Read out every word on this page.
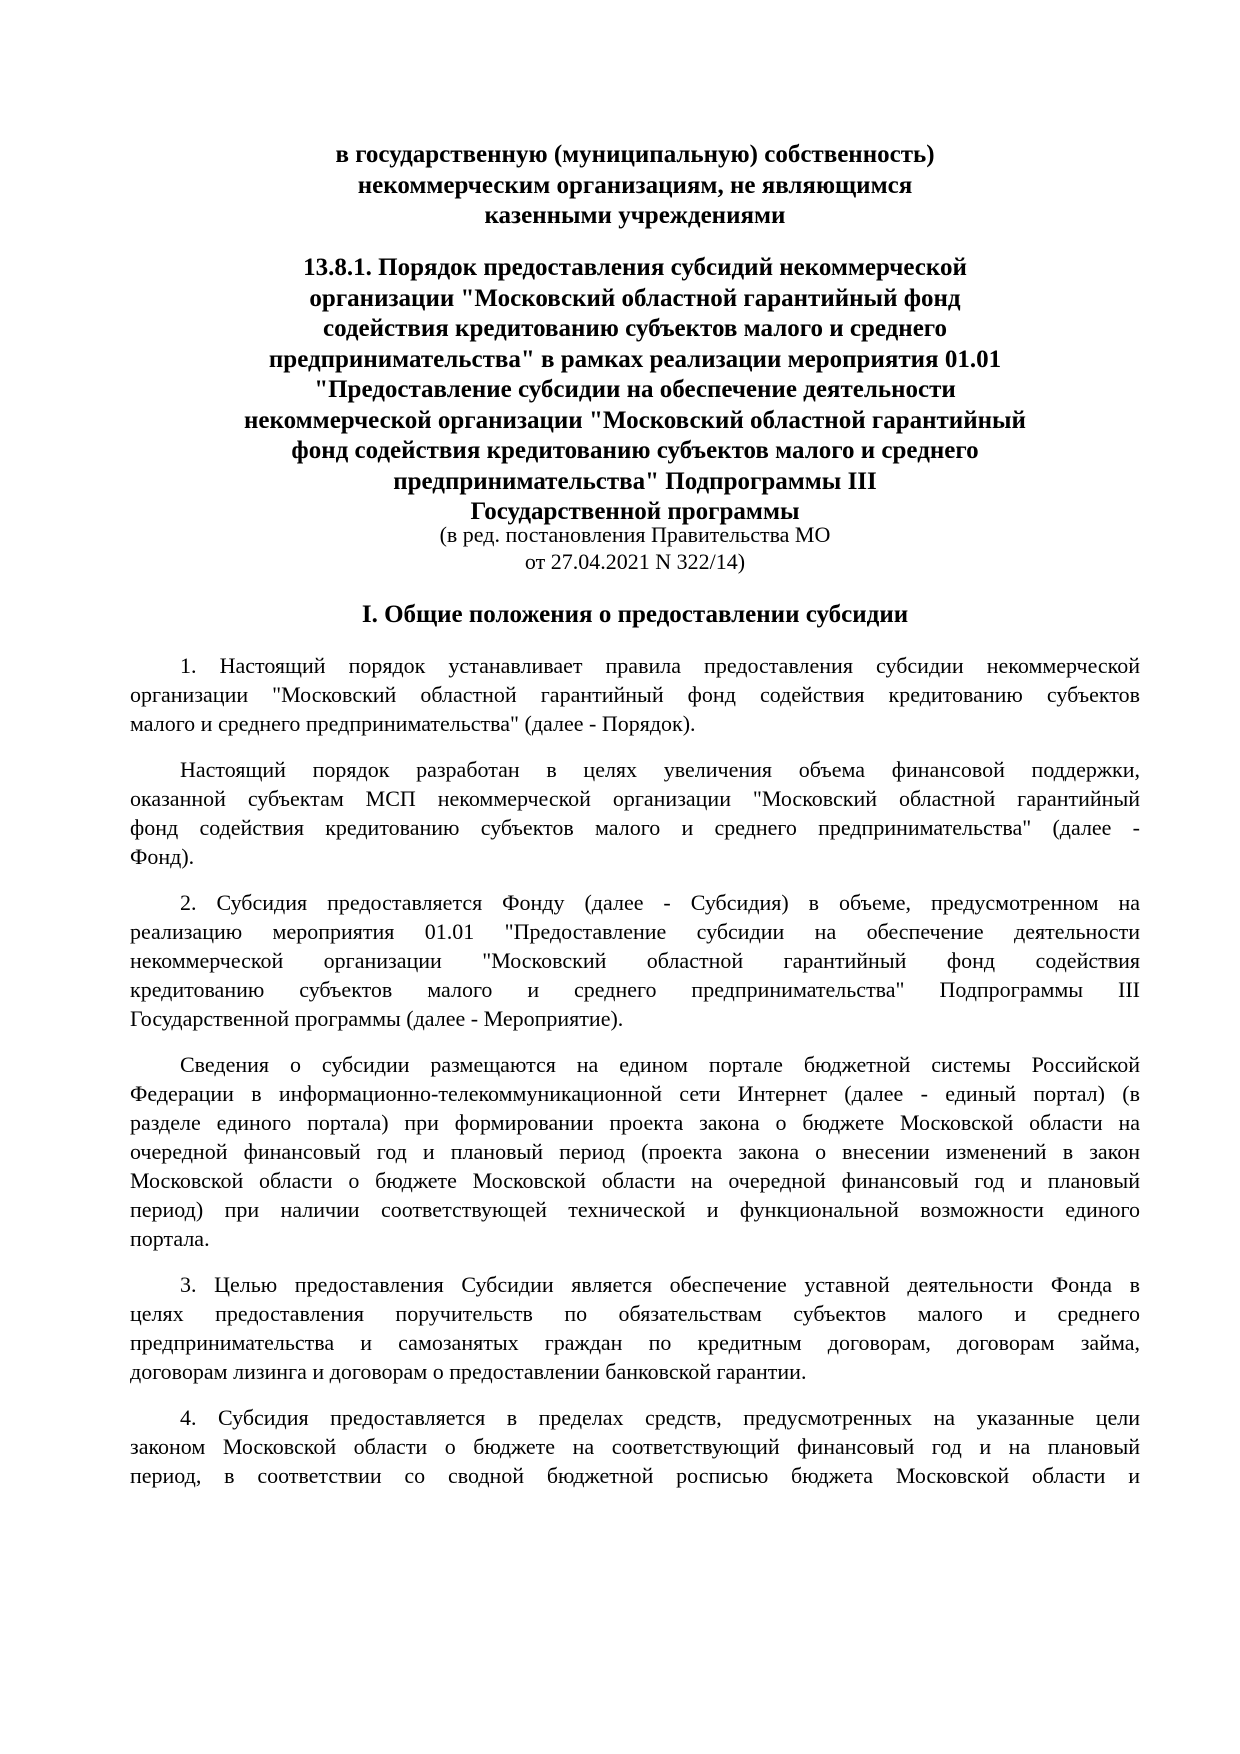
в государственную (муниципальную) собственность)
некоммерческим организациям, не являющимся
казенными учреждениями
13.8.1. Порядок предоставления субсидий некоммерческой
организации "Московский областной гарантийный фонд
содействия кредитованию субъектов малого и среднего
предпринимательства" в рамках реализации мероприятия 01.01
"Предоставление субсидии на обеспечение деятельности
некоммерческой организации "Московский областной гарантийный
фонд содействия кредитованию субъектов малого и среднего
предпринимательства" Подпрограммы III
Государственной программы
(в ред. постановления Правительства МО
от 27.04.2021 N 322/14)
I. Общие положения о предоставлении субсидии
1. Настоящий порядок устанавливает правила предоставления субсидии некоммерческой
организации "Московский областной гарантийный фонд содействия кредитованию субъектов
малого и среднего предпринимательства" (далее - Порядок).
Настоящий порядок разработан в целях увеличения объема финансовой поддержки,
оказанной субъектам МСП некоммерческой организации "Московский областной гарантийный
фонд содействия кредитованию субъектов малого и среднего предпринимательства" (далее -
Фонд).
2. Субсидия предоставляется Фонду (далее - Субсидия) в объеме, предусмотренном на
реализацию мероприятия 01.01 "Предоставление субсидии на обеспечение деятельности
некоммерческой организации "Московский областной гарантийный фонд содействия
кредитованию субъектов малого и среднего предпринимательства" Подпрограммы III
Государственной программы (далее - Мероприятие).
Сведения о субсидии размещаются на едином портале бюджетной системы Российской
Федерации в информационно-телекоммуникационной сети Интернет (далее - единый портал) (в
разделе единого портала) при формировании проекта закона о бюджете Московской области на
очередной финансовый год и плановый период (проекта закона о внесении изменений в закон
Московской области о бюджете Московской области на очередной финансовый год и плановый
период) при наличии соответствующей технической и функциональной возможности единого
портала.
3. Целью предоставления Субсидии является обеспечение уставной деятельности Фонда в
целях предоставления поручительств по обязательствам субъектов малого и среднего
предпринимательства и самозанятых граждан по кредитным договорам, договорам займа,
договорам лизинга и договорам о предоставлении банковской гарантии.
4. Субсидия предоставляется в пределах средств, предусмотренных на указанные цели
законом Московской области о бюджете на соответствующий финансовый год и на плановый
период, в соответствии со сводной бюджетной росписью бюджета Московской области и
